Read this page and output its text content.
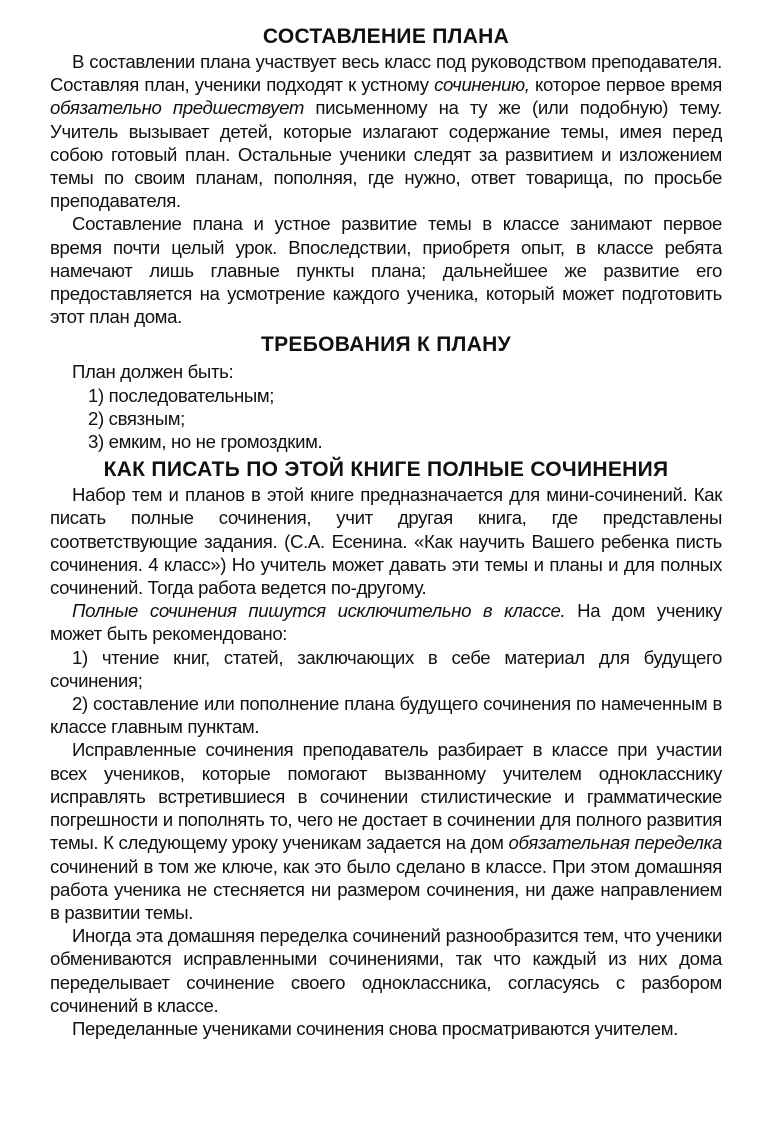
СОСТАВЛЕНИЕ ПЛАНА

В составлении плана участвует весь класс под руководством преподавателя. Составляя план, ученики подходят к устному сочинению, которое первое время обязательно предшествует письменному на ту же (или подобную) тему. Учитель вызывает детей, которые излагают содержание темы, имея перед собою готовый план. Остальные ученики следят за развитием и изложением темы по своим планам, пополняя, где нужно, ответ товарища, по просьбе преподавателя.

Составление плана и устное развитие темы в классе занимают первое время почти целый урок. Впоследствии, приобретя опыт, в классе ребята намечают лишь главные пункты плана; дальнейшее же развитие его предоставляется на усмотрение каждого ученика, который может подготовить этот план дома.

ТРЕБОВАНИЯ К ПЛАНУ

План должен быть:

1) последовательным;

2) связным;

3) емким, но не громоздким.

КАК ПИСАТЬ ПО ЭТОЙ КНИГЕ ПОЛНЫЕ СОЧИНЕНИЯ

Набор тем и планов в этой книге предназначается для мини-сочинений. Как писать полные сочинения, учит другая книга, где представлены соответствующие задания. (С.А. Есенина. «Как научить Вашего ребенка писть сочинения. 4 класс») Но учитель может давать эти темы и планы и для полных сочинений. Тогда работа ведется по-другому.

Полные сочинения пишутся исключительно в классе. На дом ученику может быть рекомендовано:

1) чтение книг, статей, заключающих в себе материал для будущего сочинения;

2) составление или пополнение плана будущего сочинения по намеченным в классе главным пунктам.

Исправленные сочинения преподаватель разбирает в классе при участии всех учеников, которые помогают вызванному учителем однокласснику исправлять встретившиеся в сочинении стилистические и грамматические погрешности и пополнять то, чего не достает в сочинении для полного развития темы. К следующему уроку ученикам задается на дом обязательная переделка сочинений в том же ключе, как это было сделано в классе. При этом домашняя работа ученика не стесняется ни размером сочинения, ни даже направлением в развитии темы.

Иногда эта домашняя переделка сочинений разнообразится тем, что ученики обмениваются исправленными сочинениями, так что каждый из них дома переделывает сочинение своего одноклассника, согласуясь с разбором сочинений в классе.

Переделанные учениками сочинения снова просматриваются учителем.
